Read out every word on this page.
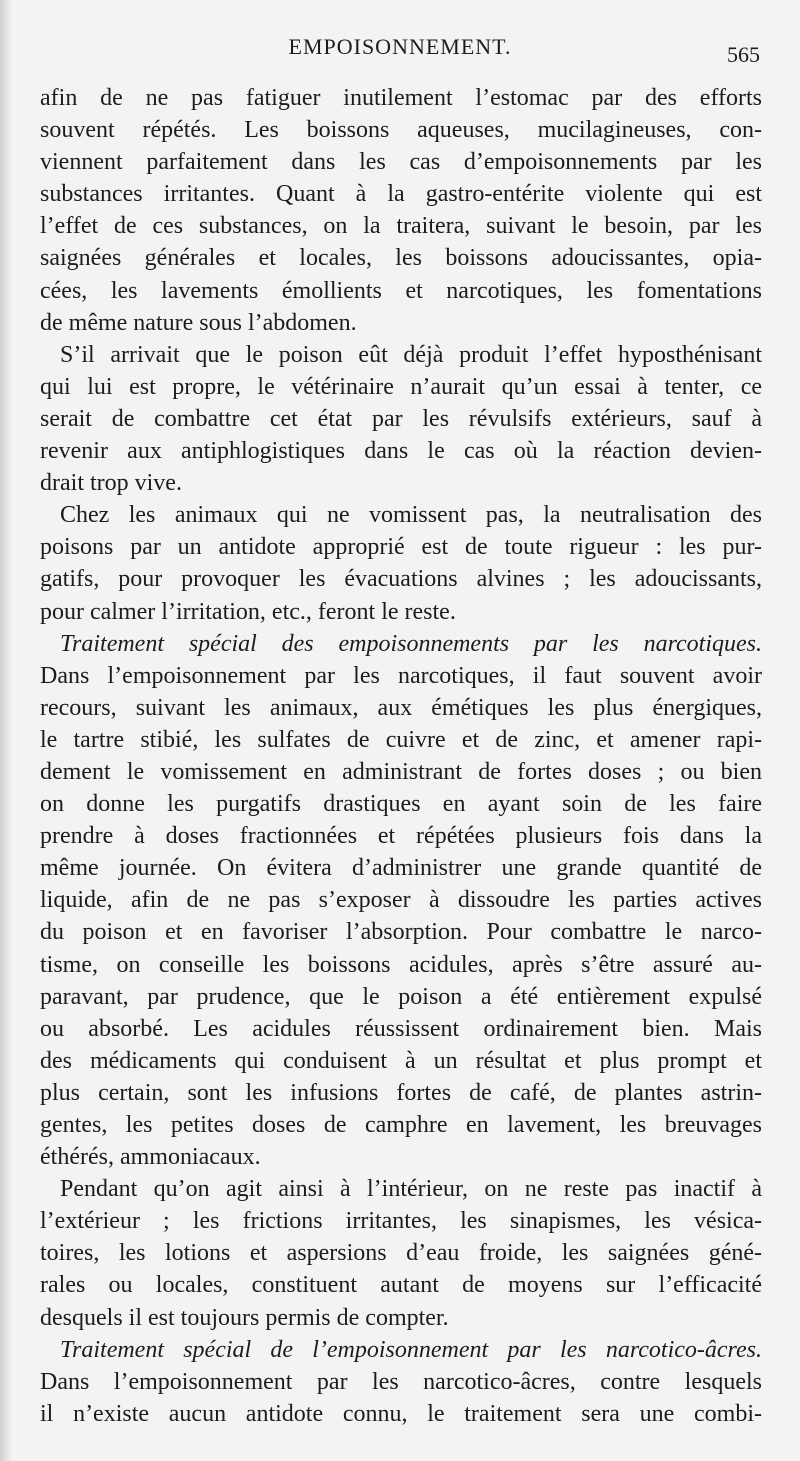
EMPOISONNEMENT.	565
afin de ne pas fatiguer inutilement l’estomac par des efforts
souvent répétés. Les boissons aqueuses, mucilagineuses, con-
viennent parfaitement dans les cas d’empoisonnements par les
substances irritantes. Quant à la gastro-entérite violente qui est
l’effet de ces substances, on la traitera, suivant le besoin, par les
saignées générales et locales, les boissons adoucissantes, opia-
cées, les lavements émollients et narcotiques, les fomentations
de même nature sous l’abdomen.
S’il arrivait que le poison eût déjà produit l’effet hyposthénisant
qui lui est propre, le vétérinaire n’aurait qu’un essai à tenter, ce
serait de combattre cet état par les révulsifs extérieurs, sauf à
revenir aux antiphlogistiques dans le cas où la réaction devien-
drait trop vive.
Chez les animaux qui ne vomissent pas, la neutralisation des
poisons par un antidote approprié est de toute rigueur : les pur-
gatifs, pour provoquer les évacuations alvines ; les adoucissants,
pour calmer l’irritation, etc., feront le reste.
Traitement spécial des empoisonnements par les narcotiques.
Dans l’empoisonnement par les narcotiques, il faut souvent avoir
recours, suivant les animaux, aux émétiques les plus énergiques,
le tartre stibié, les sulfates de cuivre et de zinc, et amener rapi-
dement le vomissement en administrant de fortes doses ; ou bien
on donne les purgatifs drastiques en ayant soin de les faire
prendre à doses fractionnées et répétées plusieurs fois dans la
même journée. On évitera d’administrer une grande quantité de
liquide, afin de ne pas s’exposer à dissoudre les parties actives
du poison et en favoriser l’absorption. Pour combattre le narco-
tisme, on conseille les boissons acidules, après s’être assuré au-
paravant, par prudence, que le poison a été entièrement expulsé
ou absorbé. Les acidules réussissent ordinairement bien. Mais
des médicaments qui conduisent à un résultat et plus prompt et
plus certain, sont les infusions fortes de café, de plantes astrin-
gentes, les petites doses de camphre en lavement, les breuvages
éthérés, ammoniacaux.
Pendant qu’on agit ainsi à l’intérieur, on ne reste pas inactif à
l’extérieur ; les frictions irritantes, les sinapismes, les vésica-
toires, les lotions et aspersions d’eau froide, les saignées géné-
rales ou locales, constituent autant de moyens sur l’efficacité
desquels il est toujours permis de compter.
Traitement spécial de l’empoisonnement par les narcotico-âcres.
Dans l’empoisonnement par les narcotico-âcres, contre lesquels
il n’existe aucun antidote connu, le traitement sera une combi-
